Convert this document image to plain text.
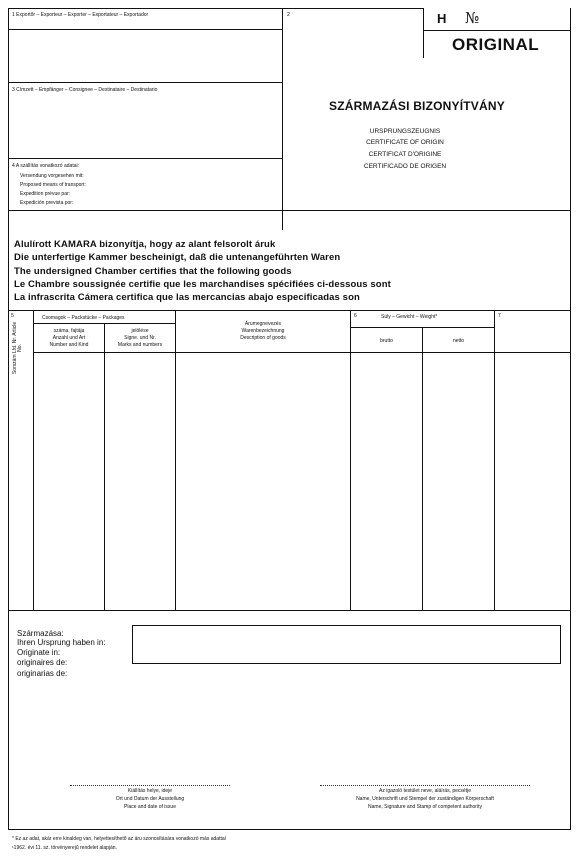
1 Exportőr – Exporteur – Exporter – Exportateur – Exportador	2	H №
ORIGINAL
3 Címzett – Empfänger – Consignee – Destinataire – Destinatario
4 A szállítás vonatkozó adatai:
Versendung vorgesehen mit:
Proposed means of transport:
Expedition prévue par:
Expedición prevista por:
SZÁRMAZÁSI BIZONYÍTVÁNY
URSPRUNGSZEUGNIS
CERTIFICATE OF ORIGIN
CERTIFICAT D'ORIGINE
CERTIFICADO DE ORIGEN
Alulírott KAMARA bizonyítja, hogy az alant felsorolt áruk
Die unterfertige Kammer bescheinigt, daß die untenangeführten Waren
The undersigned Chamber certifies that the following goods
Le Chambre soussignée certifie que les marchandises spécifiées ci-dessous sont
La infrascrita Cámera certifica que las mercancias abajo especificadas son
5
Sorszám Lfd. Nr. Article No.
Csomagok – Packstücke – Packages
száma, fajtája
Anzahl und Art
Number and Kind
jelölése
Signe. und Nr.
Marks and numbers
Árumegnevezés
Warenbezeichnung
Description of goods
6	Súly – Gewicht – Weight*
brutto	netto
7
Származása:
Ihren Ursprung haben in:
Originate in:
originaires de:
originarias de:
Kiállítás helye, ideje
Ort und Datum der Ausstellung
Place and date of issue
Az igazoló testület neve, aláírás, pecsétje
Name, Unterschrift und Stempel der zuständigen Körperschaft
Name, Signature and Stamp of competent authority
* Ez az adat, akár erre kinaldeg van, helyettesíthető az áru szonosítására vonatkozó más adattal
¹1962. évi 11. sz. törvényerejű rendelet alapján.
